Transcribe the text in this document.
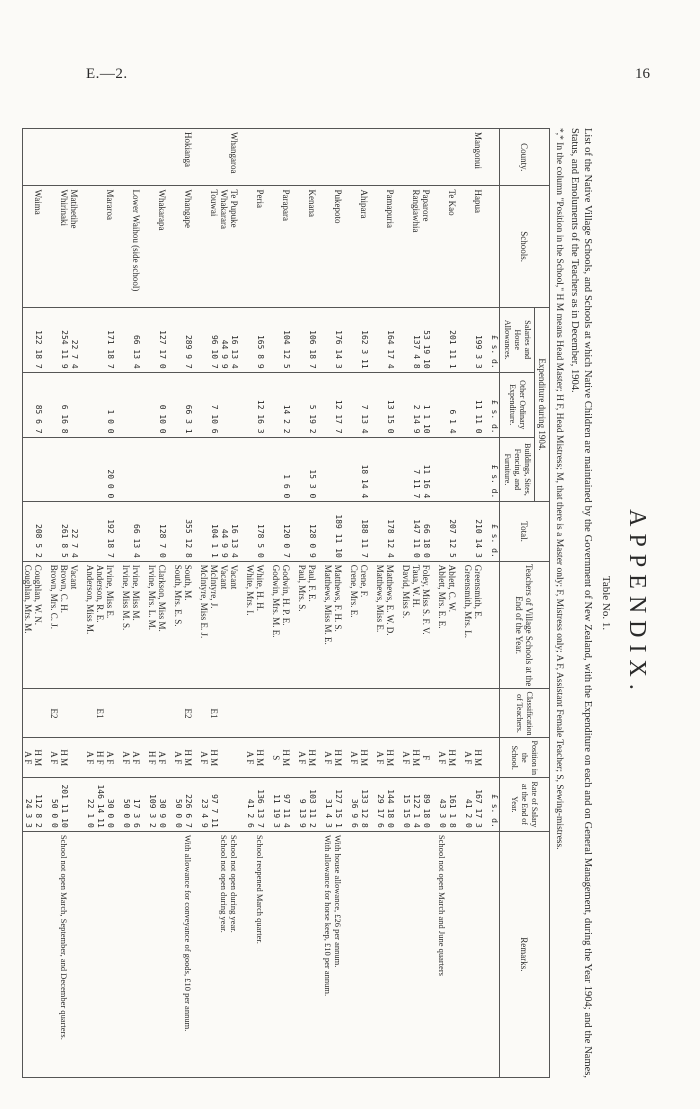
E.—2.	16
APPENDIX.
Table No. 1.
List of the Native Village Schools, and Schools at which Native Children are maintained by the Government of New Zealand, with the Expenditure on each and on General Management, during the Year 1904; and the Names, Status, and Emoluments of the Teachers as in December, 1904.
*,* In the column "Position in the School," H M means Head Master; H F, Head Mistress; M, that there is a Master only; F, Mistress only; A F, Assistant Female Teacher; S, Sewing-mistress.
County.	Schools.	Expenditure during 1904.			Total.	Teachers of Village Schools at the End of the Year.	Classification of Teachers.	Position in the School.	Rate of Salary at the End of Year.	Remarks.
		Salaries and House Allowances.	Other Ordinary Expenditure.	Buildings, Sites, Fencing, and Furniture.						
		£ s. d.	£ s. d.	£ s. d.	£ s. d.				£ s. d.	
Mangonui	Hapua	199 3 3	11 11 0		210 14 3	Greensmith, E.		H M	167 17 3	
						Greensmith, Mrs. L.		A F	41 2 0	
	Te Kao	201 11 1	6 1 4		207 12 5	Ablett, C. W.		H M	161 1 8	
						Ablett, Mrs. E. E.		A F	43 3 0	School not open March and June quarters
	Paparore	53 19 10	1 1 10	11 16 4	66 18 0	Foley, Miss S. F. V.		F	89 18 0	
	Rangiawhia	137 4 8	2 14 9	7 11 7	147 11 0	Taua, W. H.		H M	122 1 4	
						David, Miss S.		A F	15 15 0	
	Pamapuria	164 17 4	13 15 0		178 12 4	Matthews, E. W. D.		H M	144 18 0	
						Matthews, Miss E.		A F	29 17 6	
	Ahipara	162 3 11	7 13 4	18 14 4	188 11 7	Crene, F.		H M	133 12 8	
						Crene, Mrs. E.		A F	36 9 6	
	Pukepoto	176 14 3	12 17 7		189 11 10	Matthews, F. H. S.		H M	127 15 1	With house allowance, £26 per annum.
						Matthews, Miss M. E.		A F	31 4 3	With allowance for horse keep, £10 per annum.
	Kenana	106 18 7	5 19 2	15 3 0	128 0 9	Paul, F. E.		H M	103 11 2	
						Paul, Mrs. S.		A F	9 13 9	
	Parapara	104 12 5	14 2 2	1 6 0	120 0 7	Godwin, H. P. E.		H M	97 11 4	
						Godwin, Mrs. M. E.		S	11 19 3	
	Peria	165 8 9	12 16 3		178 5 0	White, H. H.		H M	136 13 7	School reopened March quarter.
						White, Mrs. I.		A F	41 2 6	
Whangaroa	Te Pupuke	16 13 4			16 13 4	Vacant				School not open during year.
	Whakarara	44 9 9			44 9 9	Vacant				School not open during year.
	Touwai	96 10 7	7 10 6		104 1 1	McIntyre, J.	E1	H M	97 7 11	
						McIntyre, Miss E. J.		A F	23 4 9	
Hokianga	Whangape	289 9 7	66 3 1		355 12 8	South, M.	E2	H M	226 6 7	With allowance for conveyance of goods, £10 per annum.
						South, Mrs. E. S.		A F	50 0 0	
	Whakarapa	127 17 0	0 10 0		128 7 0	Clarkson, Miss M.		A F	30 9 0	
						Irvine, Mrs. L. M.		H F	109 3 2	
	Lower Waihou (side school)	66 13 4			66 13 4	Irvine, Miss M.		A F	17 3 6	
						Irvine, Miss M. S.		A F	50 0 0	
	Mararoa	171 18 7	1 0 0	20 0 0	192 18 7	Irvine, Miss E.		A F	30 0 0	
						Anderson, R. E.	E1	H F	146 14 11	
						Anderson, Miss M.		A F	22 1 0	
	Matihetihe	22 7 4			22 7 4	Vacant				
	Whirinaki	254 11 9	6 16 8		261 8 5	Brown, C. H.		H M	201 11 10	School not open March, September, and December quarters.
						Brown, Mrs. C. J.	E2	A F	50 0 0	
	Waima	122 18 7	85 6 7		208 5 2	Coughlan, W. N.		H M	112 8 2	
						Coughlan, Mrs. M.		A F	24 3 3	
